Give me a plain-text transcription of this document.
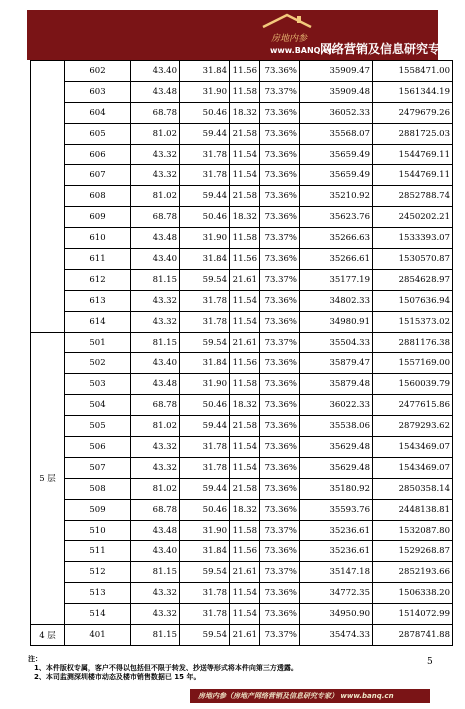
房地内参
www.BANQ.cn
网络营销及信息研究专家
	602	43.40	31.84	11.56	73.36%	35909.47	1558471.00
	603	43.48	31.90	11.58	73.37%	35909.48	1561344.19
	604	68.78	50.46	18.32	73.36%	36052.33	2479679.26
	605	81.02	59.44	21.58	73.36%	35568.07	2881725.03
	606	43.32	31.78	11.54	73.36%	35659.49	1544769.11
	607	43.32	31.78	11.54	73.36%	35659.49	1544769.11
	608	81.02	59.44	21.58	73.36%	35210.92	2852788.74
	609	68.78	50.46	18.32	73.36%	35623.76	2450202.21
	610	43.48	31.90	11.58	73.37%	35266.63	1533393.07
	611	43.40	31.84	11.56	73.36%	35266.61	1530570.87
	612	81.15	59.54	21.61	73.37%	35177.19	2854628.97
	613	43.32	31.78	11.54	73.36%	34802.33	1507636.94
	614	43.32	31.78	11.54	73.36%	34980.91	1515373.02
5 层	501	81.15	59.54	21.61	73.37%	35504.33	2881176.38
	502	43.40	31.84	11.56	73.36%	35879.47	1557169.00
	503	43.48	31.90	11.58	73.36%	35879.48	1560039.79
	504	68.78	50.46	18.32	73.36%	36022.33	2477615.86
	505	81.02	59.44	21.58	73.36%	35538.06	2879293.62
	506	43.32	31.78	11.54	73.36%	35629.48	1543469.07
	507	43.32	31.78	11.54	73.36%	35629.48	1543469.07
	508	81.02	59.44	21.58	73.36%	35180.92	2850358.14
	509	68.78	50.46	18.32	73.36%	35593.76	2448138.81
	510	43.48	31.90	11.58	73.37%	35236.61	1532087.80
	511	43.40	31.84	11.56	73.36%	35236.61	1529268.87
	512	81.15	59.54	21.61	73.37%	35147.18	2852193.66
	513	43.32	31.78	11.54	73.36%	34772.35	1506338.20
	514	43.32	31.78	11.54	73.36%	34950.90	1514072.99
4 层	401	81.15	59.54	21.61	73.37%	35474.33	2878741.88
注：
1、本件版权专属，客户不得以包括但不限于转发、抄送等形式将本件向第三方透露。
2、本司监测深圳楼市动态及楼市销售数据已 15 年。
5
房地内参（房地产网络营销及信息研究专家） www.banq.cn
